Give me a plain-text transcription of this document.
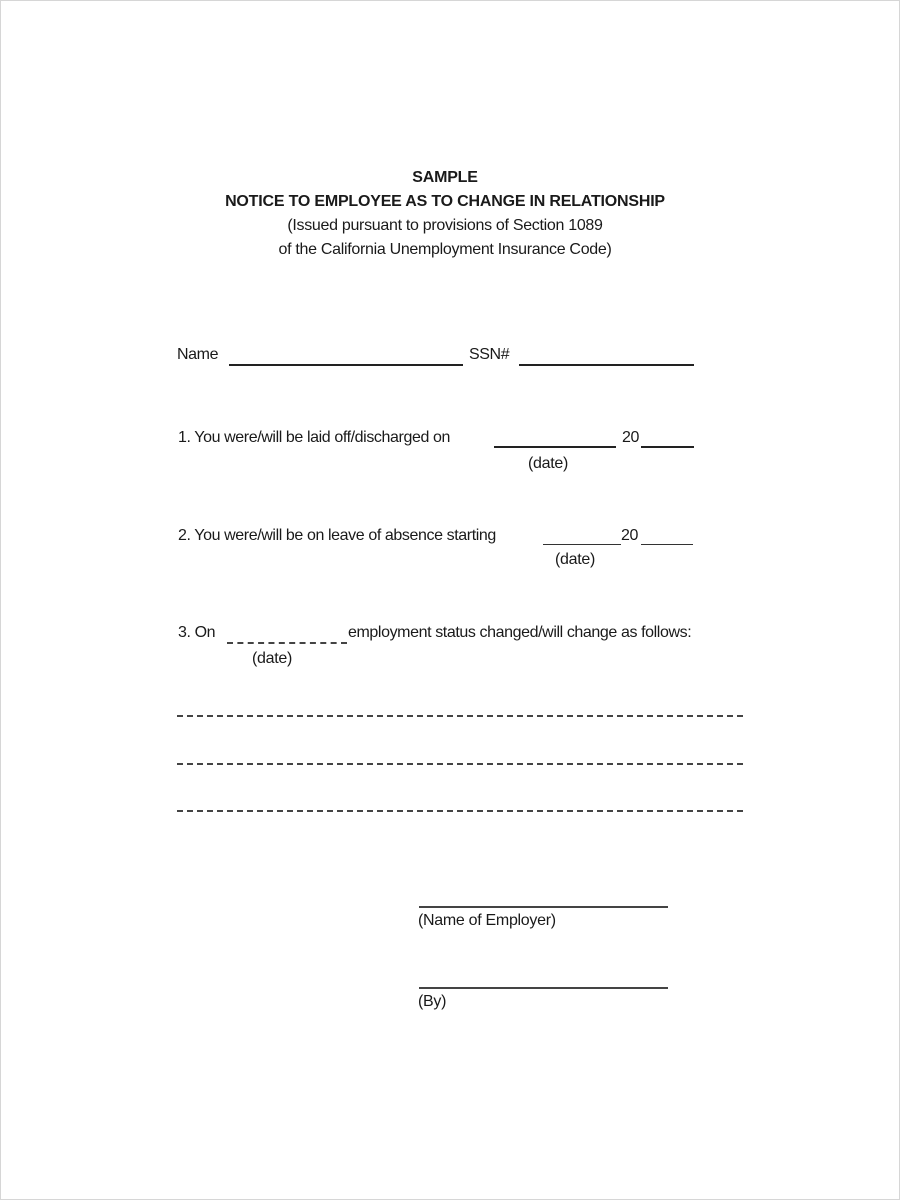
SAMPLE
NOTICE TO EMPLOYEE AS TO CHANGE IN RELATIONSHIP
(Issued pursuant to provisions of Section 1089
of the California Unemployment Insurance Code)
Name	SSN#
1. You were/will be laid off/discharged on	20
(date)
2. You were/will be on leave of absence starting	20
(date)
3. On	employment status changed/will change as follows:
(date)
(Name of Employer)
(By)
